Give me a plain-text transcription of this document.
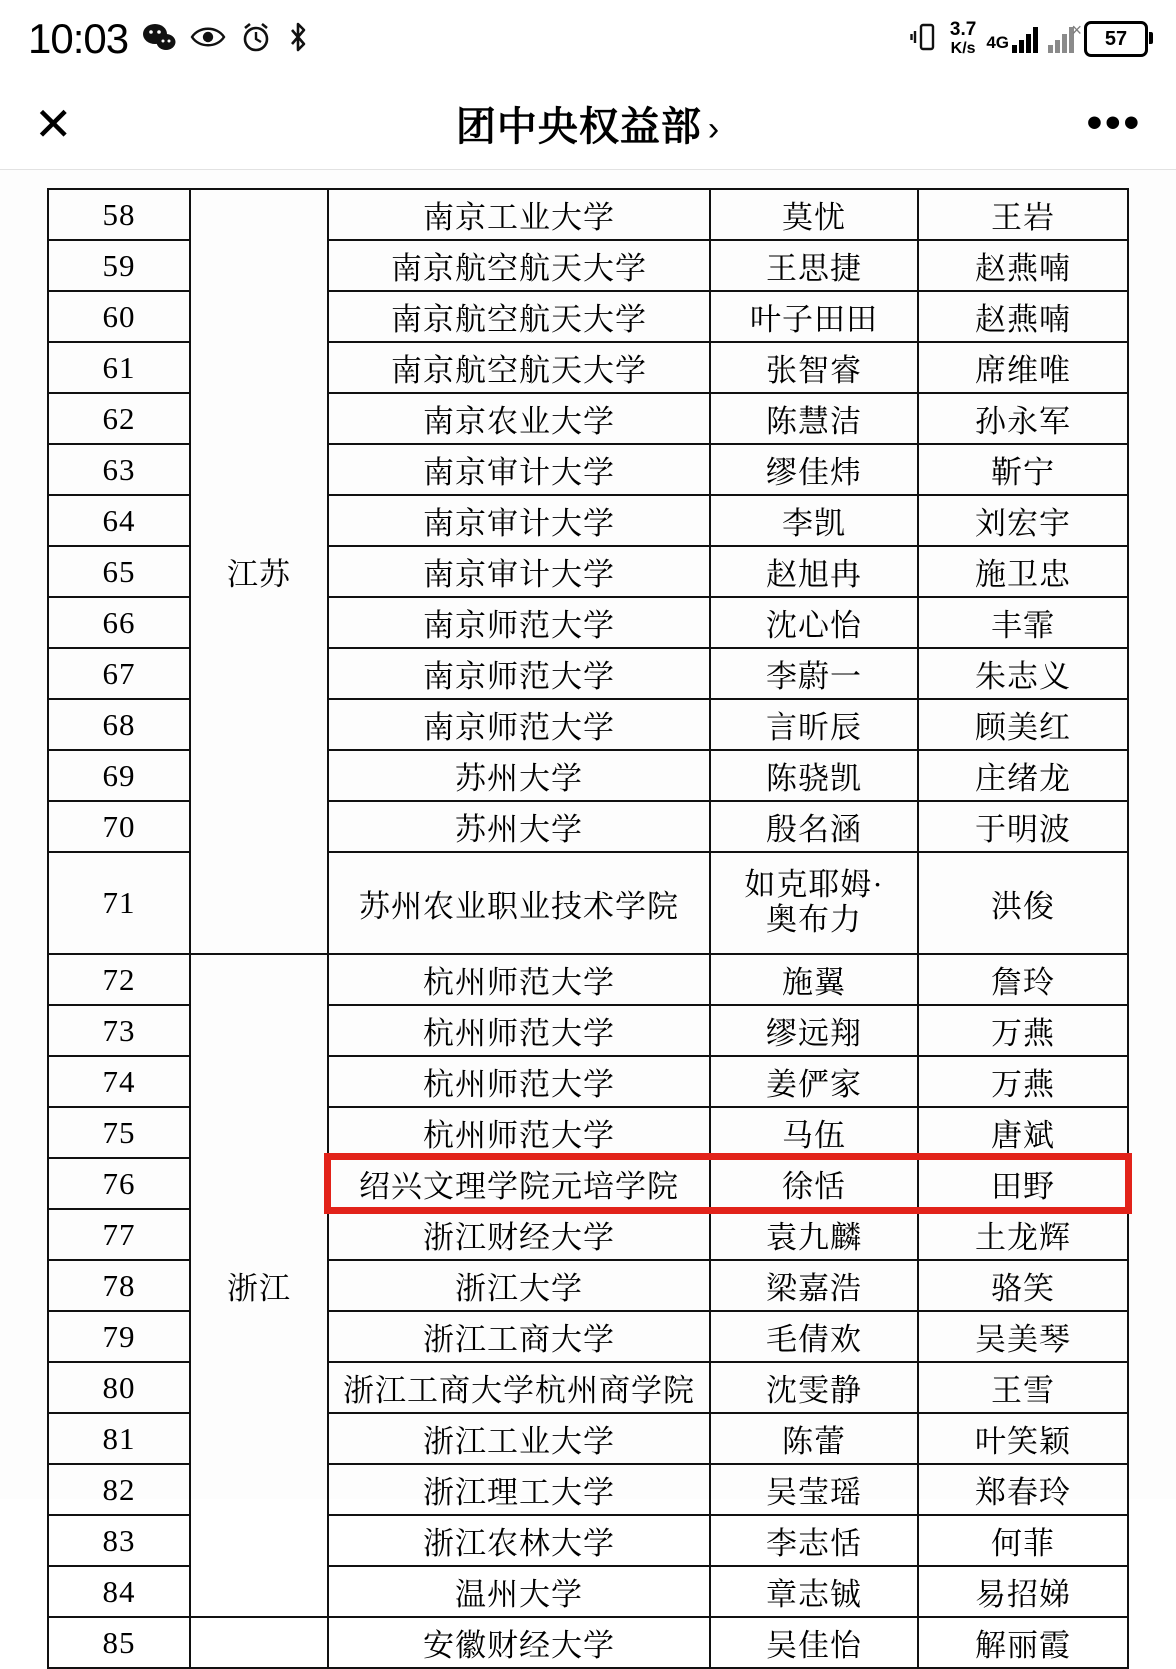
10:03	3.7
K/s 4G
× 57
✕	团中央权益部 ›	•••
58	江苏	南京工业大学	莫忧	王岩
59		南京航空航天大学	王思捷	赵燕喃
60		南京航空航天大学	叶子田田	赵燕喃
61		南京航空航天大学	张智睿	席维唯
62		南京农业大学	陈慧洁	孙永军
63		南京审计大学	缪佳炜	靳宁
64		南京审计大学	李凯	刘宏宇
65		南京审计大学	赵旭冉	施卫忠
66		南京师范大学	沈心怡	丰霏
67		南京师范大学	李蔚一	朱志义
68		南京师范大学	言昕辰	顾美红
69		苏州大学	陈骁凯	庄绪龙
70		苏州大学	殷名涵	于明波
71		苏州农业职业技术学院	如克耶姆·
奥布力	洪俊
72	浙江	杭州师范大学	施翼	詹玲
73		杭州师范大学	缪远翔	万燕
74		杭州师范大学	姜俨家	万燕
75		杭州师范大学	马伍	唐斌
76		绍兴文理学院元培学院	徐恬	田野
77		浙江财经大学	袁九麟	土龙辉
78		浙江大学	梁嘉浩	骆笑
79		浙江工商大学	毛倩欢	吴美琴
80		浙江工商大学杭州商学院	沈雯静	王雪
81		浙江工业大学	陈蕾	叶笑颖
82		浙江理工大学	吴莹瑶	郑春玲
83		浙江农林大学	李志恬	何菲
84		温州大学	章志铖	易招娣
85		安徽财经大学	吴佳怡	解丽霞
